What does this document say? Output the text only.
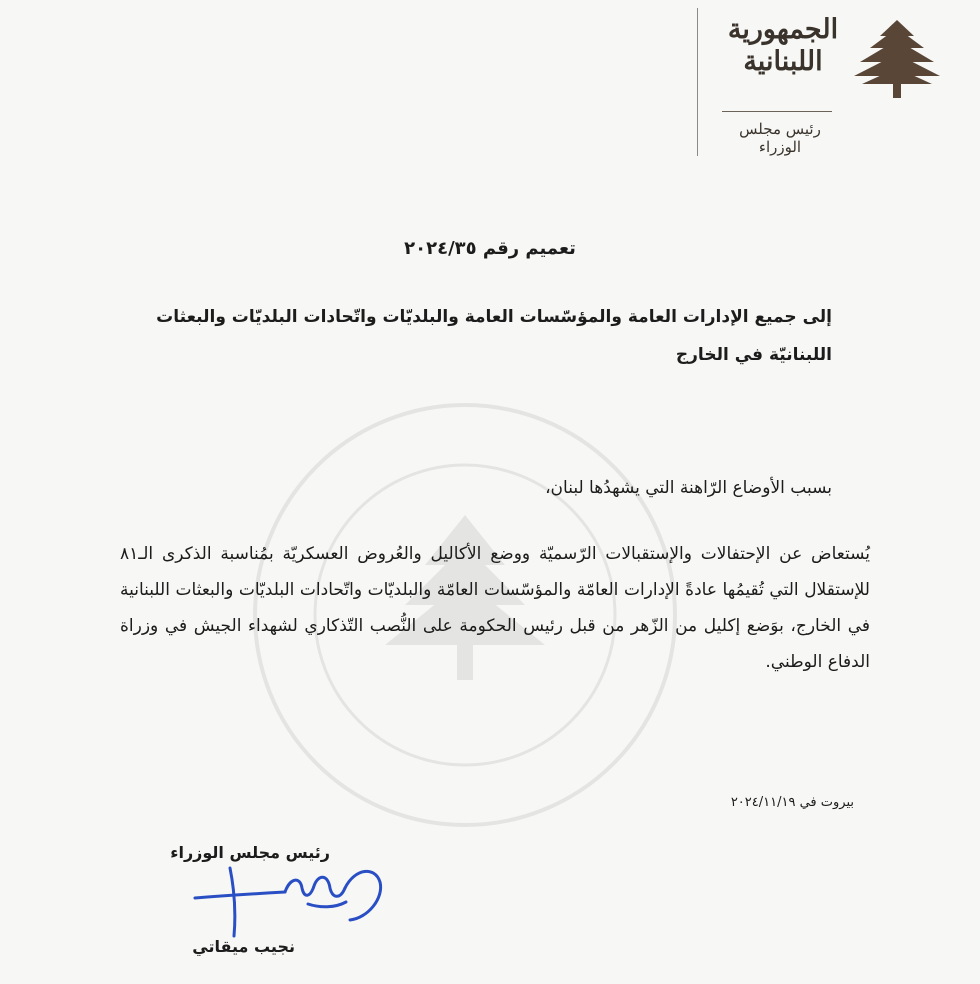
الجمهورية
اللبنانية
رئيس مجلس الوزراء
تعميم رقم ٢٠٢٤/٣٥
إلى جميع الإدارات العامة والمؤسّسات العامة والبلديّات واتّحادات البلديّات والبعثات
اللبنانيّة في الخارج
بسبب الأوضاع الرّاهنة التي يشهدُها لبنان،
يُستعاض عن الإحتفالات والإستقبالات الرّسميّة ووضع الأكاليل والعُروض العسكريّة بمُناسبة الذكرى الـ٨١ للإستقلال التي تُقيمُها عادةً الإدارات العامّة والمؤسّسات العامّة والبلديّات واتّحادات البلديّات والبعثات اللبنانية في الخارج، بوَضع إكليل من الزّهر من قبل رئيس الحكومة على النُّصب التّذكاري لشهداء الجيش في وزراة الدفاع الوطني.
بيروت في ٢٠٢٤/١١/١٩
رئيس مجلس الوزراء
نجيب ميقاتي
